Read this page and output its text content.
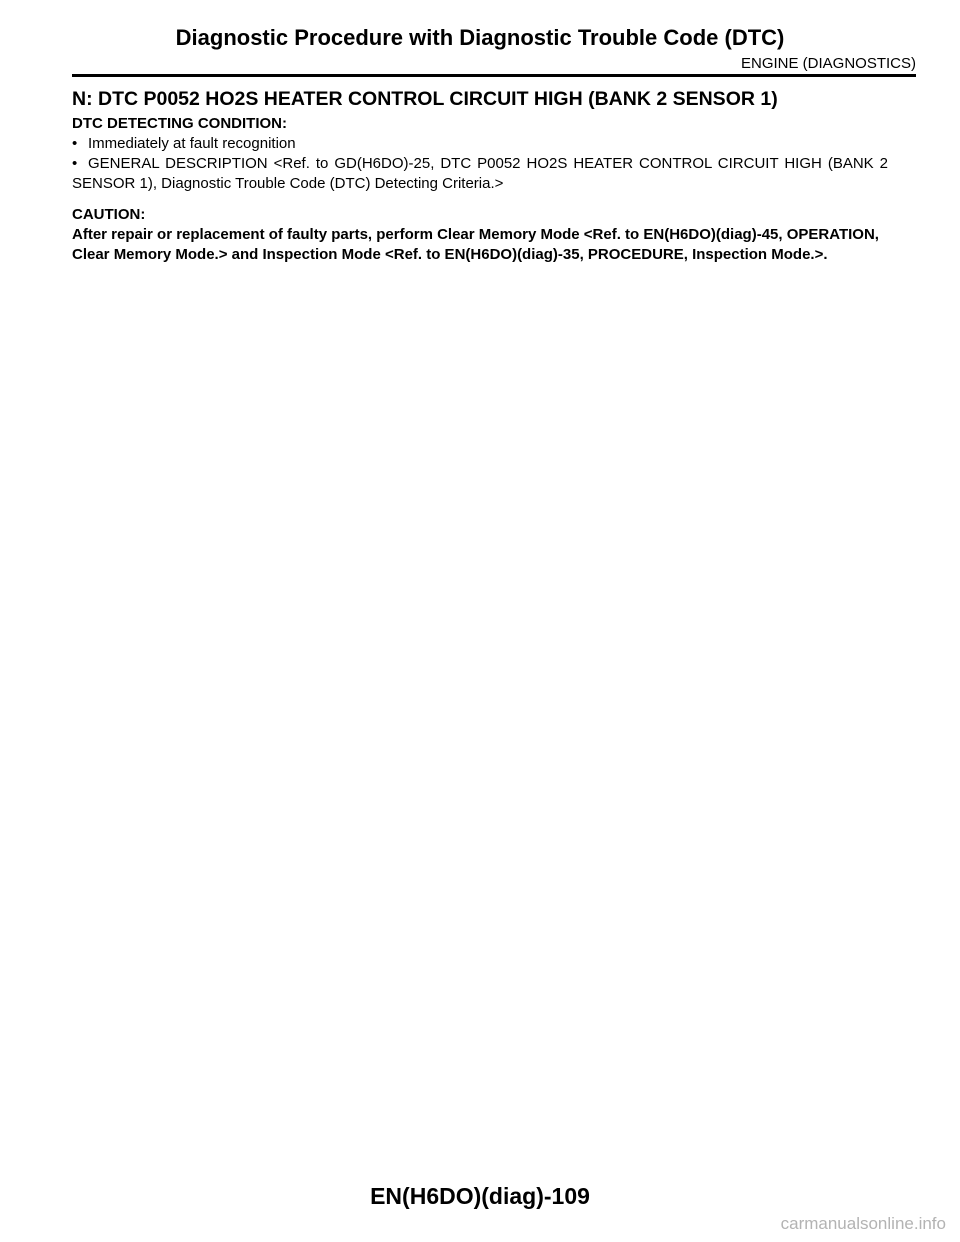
Diagnostic Procedure with Diagnostic Trouble Code (DTC)

ENGINE (DIAGNOSTICS)

N: DTC P0052 HO2S HEATER CONTROL CIRCUIT HIGH (BANK 2 SENSOR 1)

DTC DETECTING CONDITION:

• Immediately at fault recognition
• GENERAL DESCRIPTION <Ref. to GD(H6DO)-25, DTC P0052 HO2S HEATER CONTROL CIRCUIT HIGH (BANK 2 SENSOR 1), Diagnostic Trouble Code (DTC) Detecting Criteria.>

CAUTION:

After repair or replacement of faulty parts, perform Clear Memory Mode <Ref. to EN(H6DO)(diag)-45, OPERATION, Clear Memory Mode.> and Inspection Mode <Ref. to EN(H6DO)(diag)-35, PROCEDURE, Inspection Mode.>.

EN(H6DO)(diag)-109

carmanualsonline.info
